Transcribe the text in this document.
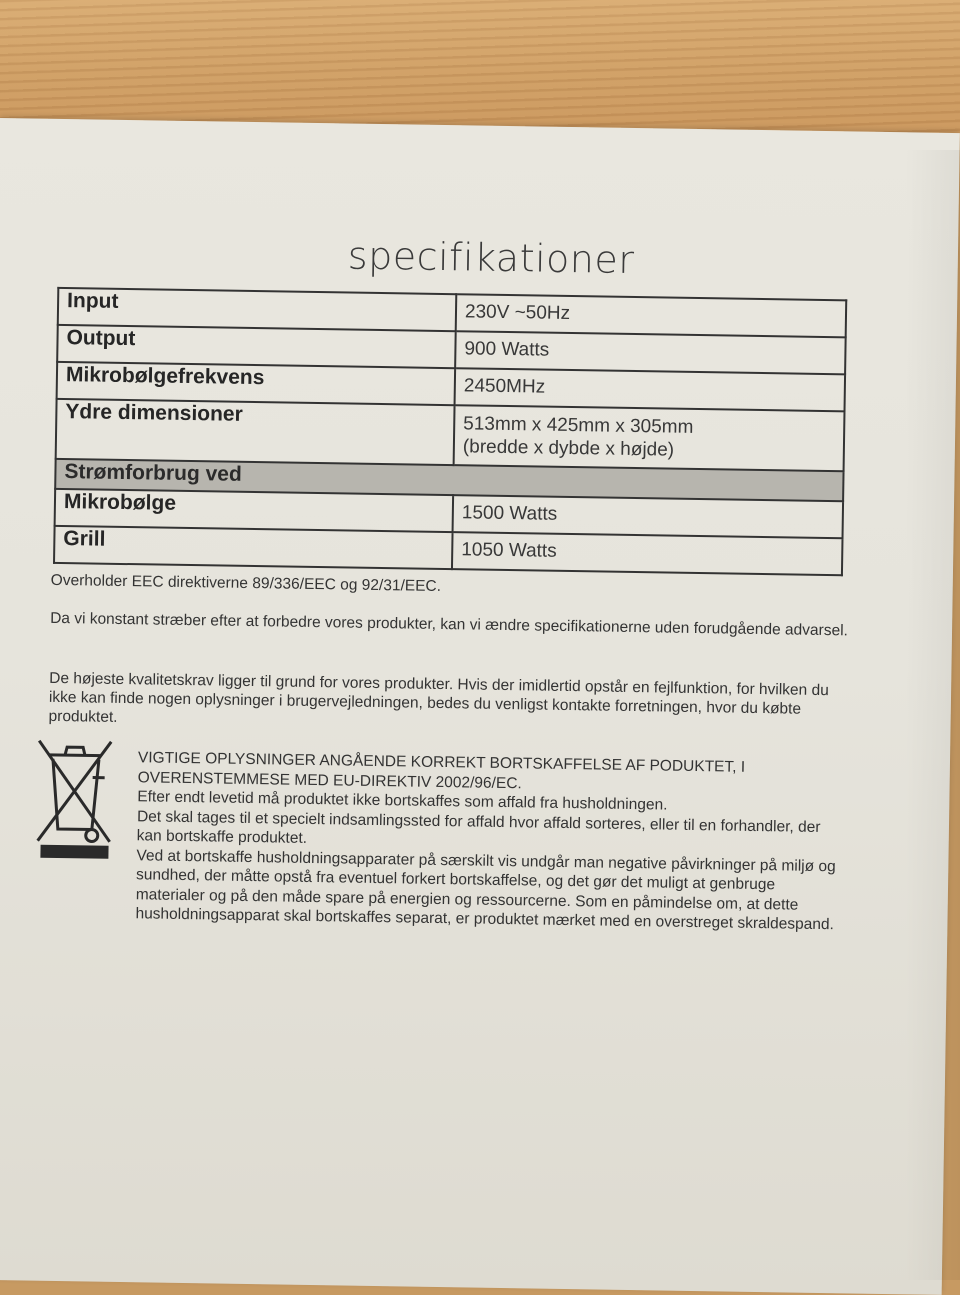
specifikationer
Input	230V ~50Hz
Output	900 Watts
Mikrobølgefrekvens	2450MHz
Ydre dimensioner	513mm x 425mm x 305mm
(bredde x dybde x højde)

Strømforbrug ved	
Mikrobølge	1500 Watts
Grill	1050 Watts
Overholder EEC direktiverne 89/336/EEC og 92/31/EEC.
Da vi konstant stræber efter at forbedre vores produkter, kan vi ændre specifikationerne uden forudgående advarsel.
De højeste kvalitetskrav ligger til grund for vores produkter. Hvis der imidlertid opstår en fejlfunktion, for hvilken du ikke kan finde nogen oplysninger i brugervejledningen, bedes du venligst kontakte forretningen, hvor du købte produktet.
VIGTIGE OPLYSNINGER ANGÅENDE KORREKT BORTSKAFFELSE AF PODUKTET, I OVERENSTEMMESE MED EU-DIREKTIV 2002/96/EC.
Efter endt levetid må produktet ikke bortskaffes som affald fra husholdningen.
Det skal tages til et specielt indsamlingssted for affald hvor affald sorteres, eller til en forhandler, der kan bortskaffe produktet.
Ved at bortskaffe husholdningsapparater på særskilt vis undgår man negative påvirkninger på miljø og sundhed, der måtte opstå fra eventuel forkert bortskaffelse, og det gør det muligt at genbruge materialer og på den måde spare på energien og ressourcerne. Som en påmindelse om, at dette husholdningsapparat skal bortskaffes separat, er produktet mærket med en overstreget skraldespand.
